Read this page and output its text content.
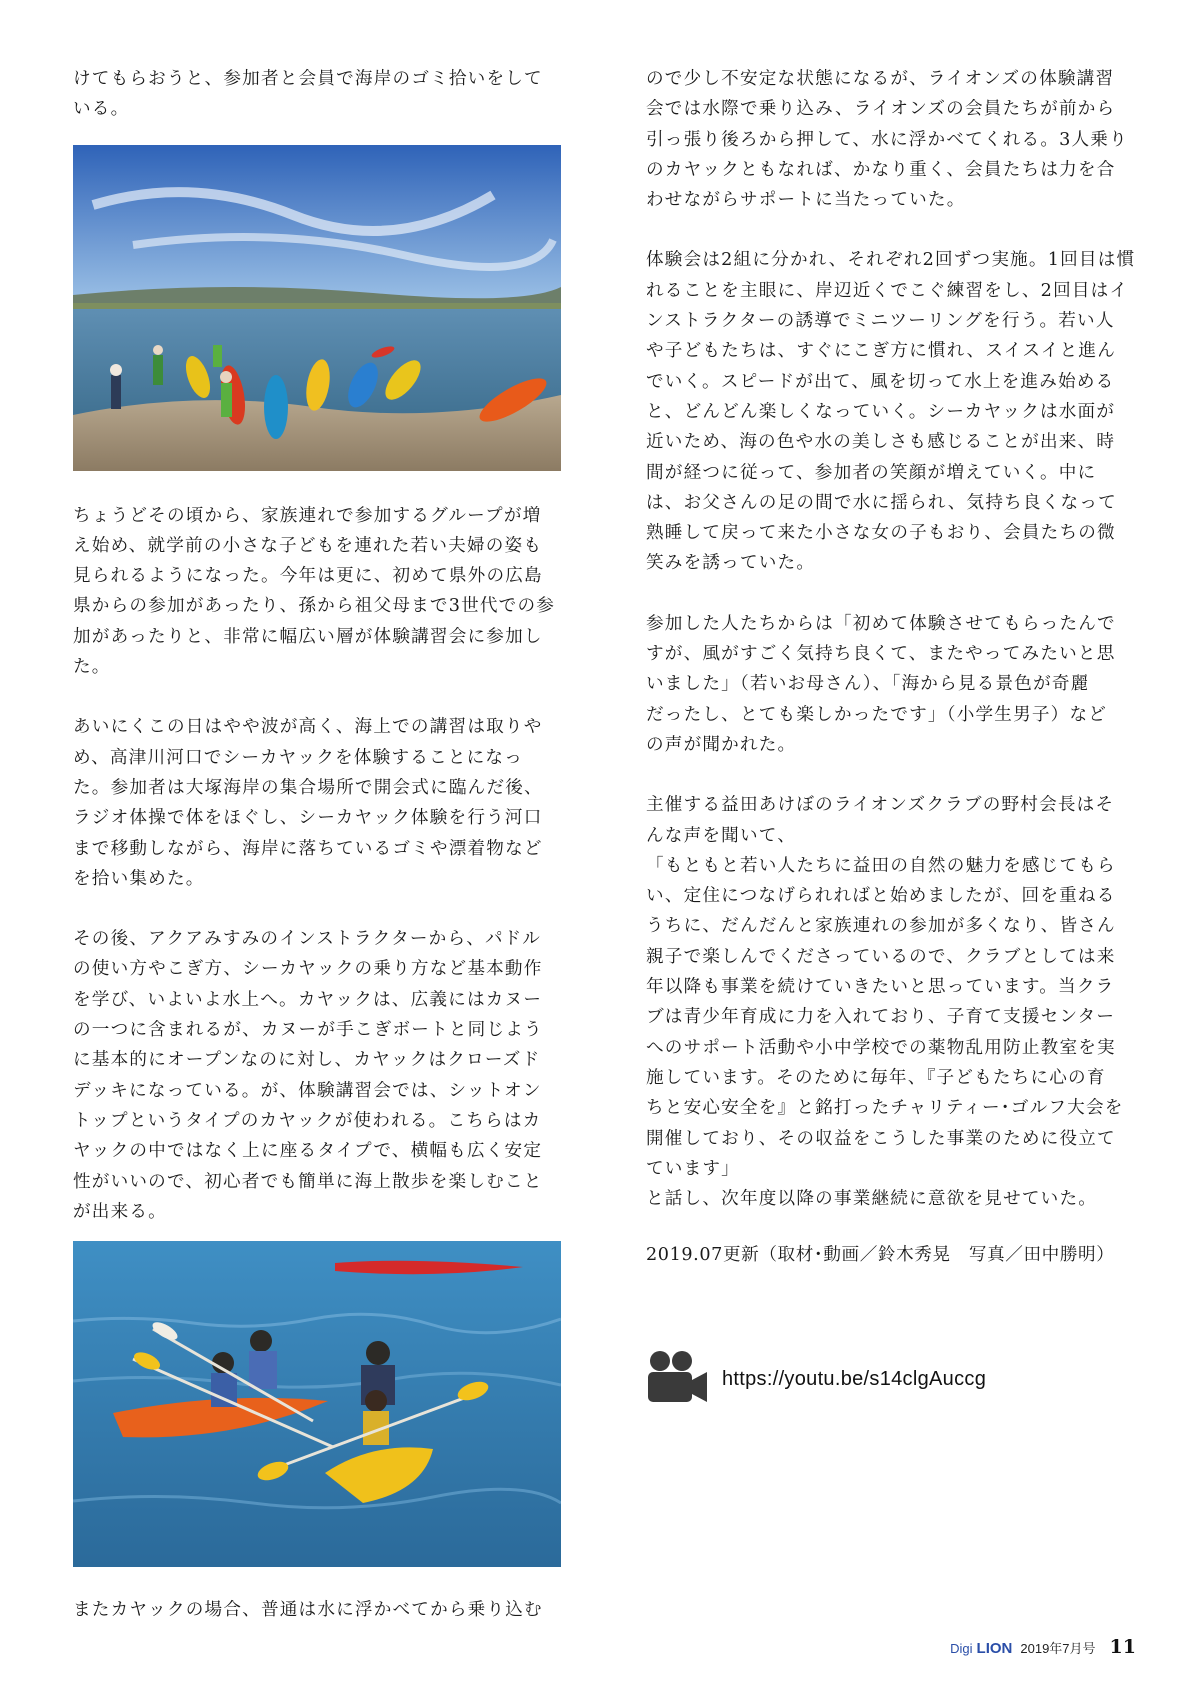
けてもらおうと、参加者と会員で海岸のゴミ拾いをして
いる。

ちょうどその頃から、家族連れで参加するグループが増
え始め、就学前の小さな子どもを連れた若い夫婦の姿も
見られるようになった。今年は更に、初めて県外の広島
県からの参加があったり、孫から祖父母まで3世代での参
加があったりと、非常に幅広い層が体験講習会に参加し
た。

あいにくこの日はやや波が高く、海上での講習は取りや
め、高津川河口でシーカヤックを体験することになっ
た。参加者は大塚海岸の集合場所で開会式に臨んだ後、
ラジオ体操で体をほぐし、シーカヤック体験を行う河口
まで移動しながら、海岸に落ちているゴミや漂着物など
を拾い集めた。

その後、アクアみすみのインストラクターから、パドル
の使い方やこぎ方、シーカヤックの乗り方など基本動作
を学び、いよいよ水上へ。カヤックは、広義にはカヌー
の一つに含まれるが、カヌーが手こぎボートと同じよう
に基本的にオープンなのに対し、カヤックはクローズド
デッキになっている。が、体験講習会では、シットオン
トップというタイプのカヤックが使われる。こちらはカ
ヤックの中ではなく上に座るタイプで、横幅も広く安定
性がいいので、初心者でも簡単に海上散歩を楽しむこと
が出来る。

またカヤックの場合、普通は水に浮かべてから乗り込む

ので少し不安定な状態になるが、ライオンズの体験講習
会では水際で乗り込み、ライオンズの会員たちが前から
引っ張り後ろから押して、水に浮かべてくれる。3人乗り
のカヤックともなれば、かなり重く、会員たちは力を合
わせながらサポートに当たっていた。

体験会は2組に分かれ、それぞれ2回ずつ実施。1回目は慣
れることを主眼に、岸辺近くでこぐ練習をし、2回目はイ
ンストラクターの誘導でミニツーリングを行う。若い人
や子どもたちは、すぐにこぎ方に慣れ、スイスイと進ん
でいく。スピードが出て、風を切って水上を進み始める
と、どんどん楽しくなっていく。シーカヤックは水面が
近いため、海の色や水の美しさも感じることが出来、時
間が経つに従って、参加者の笑顔が増えていく。中に
は、お父さんの足の間で水に揺られ、気持ち良くなって
熟睡して戻って来た小さな女の子もおり、会員たちの微
笑みを誘っていた。

参加した人たちからは「初めて体験させてもらったんで
すが、風がすごく気持ち良くて、またやってみたいと思
いました」（若いお母さん）、「海から見る景色が奇麗
だったし、とても楽しかったです」（小学生男子）など
の声が聞かれた。

主催する益田あけぼのライオンズクラブの野村会長はそ
んな声を聞いて、
「もともと若い人たちに益田の自然の魅力を感じてもら
い、定住につなげられればと始めましたが、回を重ねる
うちに、だんだんと家族連れの参加が多くなり、皆さん
親子で楽しんでくださっているので、クラブとしては来
年以降も事業を続けていきたいと思っています。当クラ
ブは青少年育成に力を入れており、子育て支援センター
へのサポート活動や小中学校での薬物乱用防止教室を実
施しています。そのために毎年、『子どもたちに心の育
ちと安心安全を』と銘打ったチャリティー･ゴルフ大会を
開催しており、その収益をこうした事業のために役立て
ています」
と話し、次年度以降の事業継続に意欲を見せていた。

2019.07更新（取材･動画／鈴木秀晃　写真／田中勝明）

https://youtu.be/s14clgAuccg
Digi LION 2019年7月号 11
